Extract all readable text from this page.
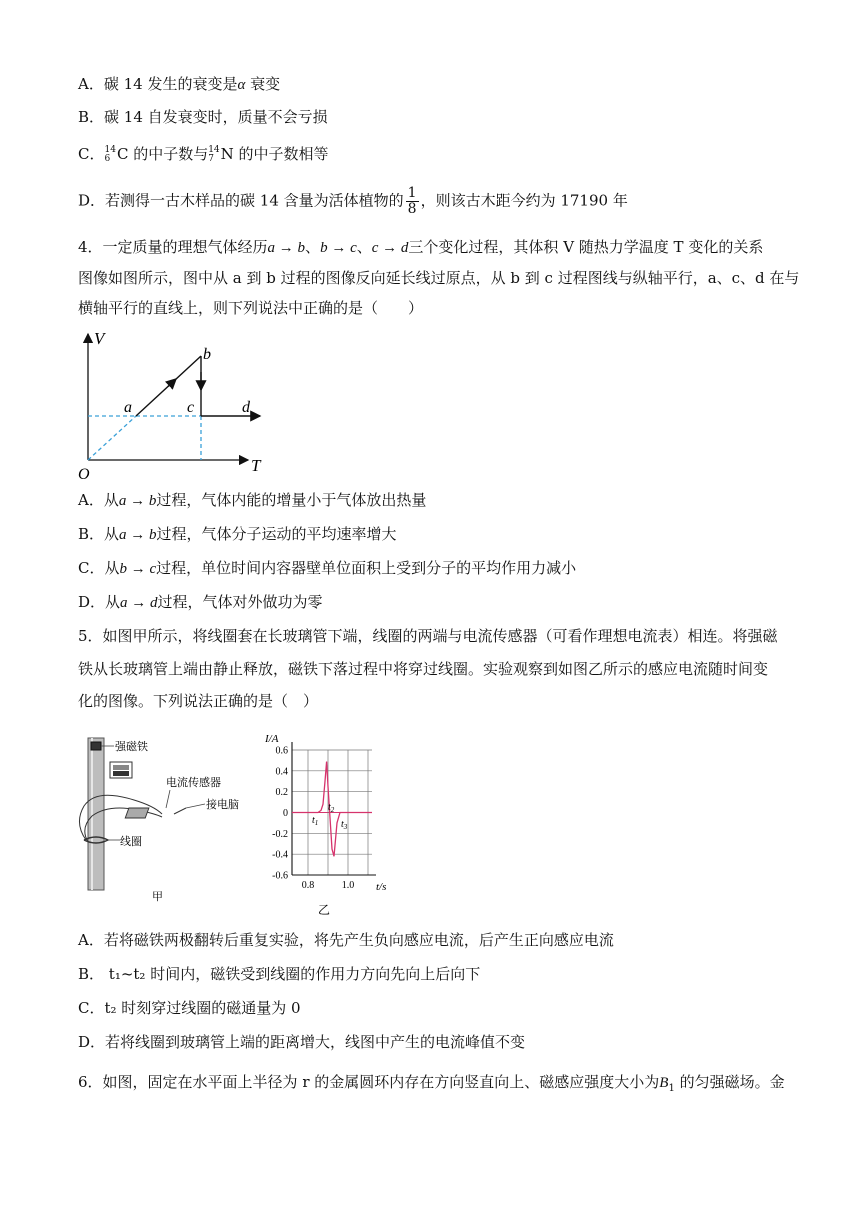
A．碳 14 发生的衰变是α 衰变
B．碳 14 自发衰变时，质量不会亏损
C． 14
6 C 的中子数与 14
7 N 的中子数相等
D．若测得一古木样品的碳 14 含量为活体植物的 $\frac{1}{8}$ ，则该古木距今约为 17190 年
4．一定质量的理想气体经历a → b、b → c、c → d三个变化过程，其体积 V 随热力学温度 T 变化的关系
图像如图所示，图中从 a 到 b 过程的图像反向延长线过原点，从 b 到 c 过程图线与纵轴平行，a、c、d 在与
横轴平行的直线上，则下列说法中正确的是（　　）
V
T
O
a
b
c	d
A．从a → b过程，气体内能的增量小于气体放出热量
B．从a → b过程，气体分子运动的平均速率增大
C．从b → c过程，单位时间内容器壁单位面积上受到分子的平均作用力减小
D．从a → d过程，气体对外做功为零
5．如图甲所示，将线圈套在长玻璃管下端，线圈的两端与电流传感器（可看作理想电流表）相连。将强磁
铁从长玻璃管上端由静止释放，磁铁下落过程中将穿过线圈。实验观察到如图乙所示的感应电流随时间变
化的图像。下列说法正确的是（　）
强磁铁
线圈
电流传感器
接电脑
甲
0.6
0.4
0.2
0
-0.2
-0.4
-0.6
0.8	1.0
I/A
t/s
乙
$t_1$
$t_2$
$t_3$
A．若将磁铁两极翻转后重复实验，将先产生负向感应电流，后产生正向感应电流
B． t₁~t₂ 时间内，磁铁受到线圈的作用力方向先向上后向下
C．t₂ 时刻穿过线圈的磁通量为 0
D．若将线圈到玻璃管上端的距离增大，线图中产生的电流峰值不变
6．如图，固定在水平面上半径为 r 的金属圆环内存在方向竖直向上、磁感应强度大小为$B_1$ 的匀强磁场。金
